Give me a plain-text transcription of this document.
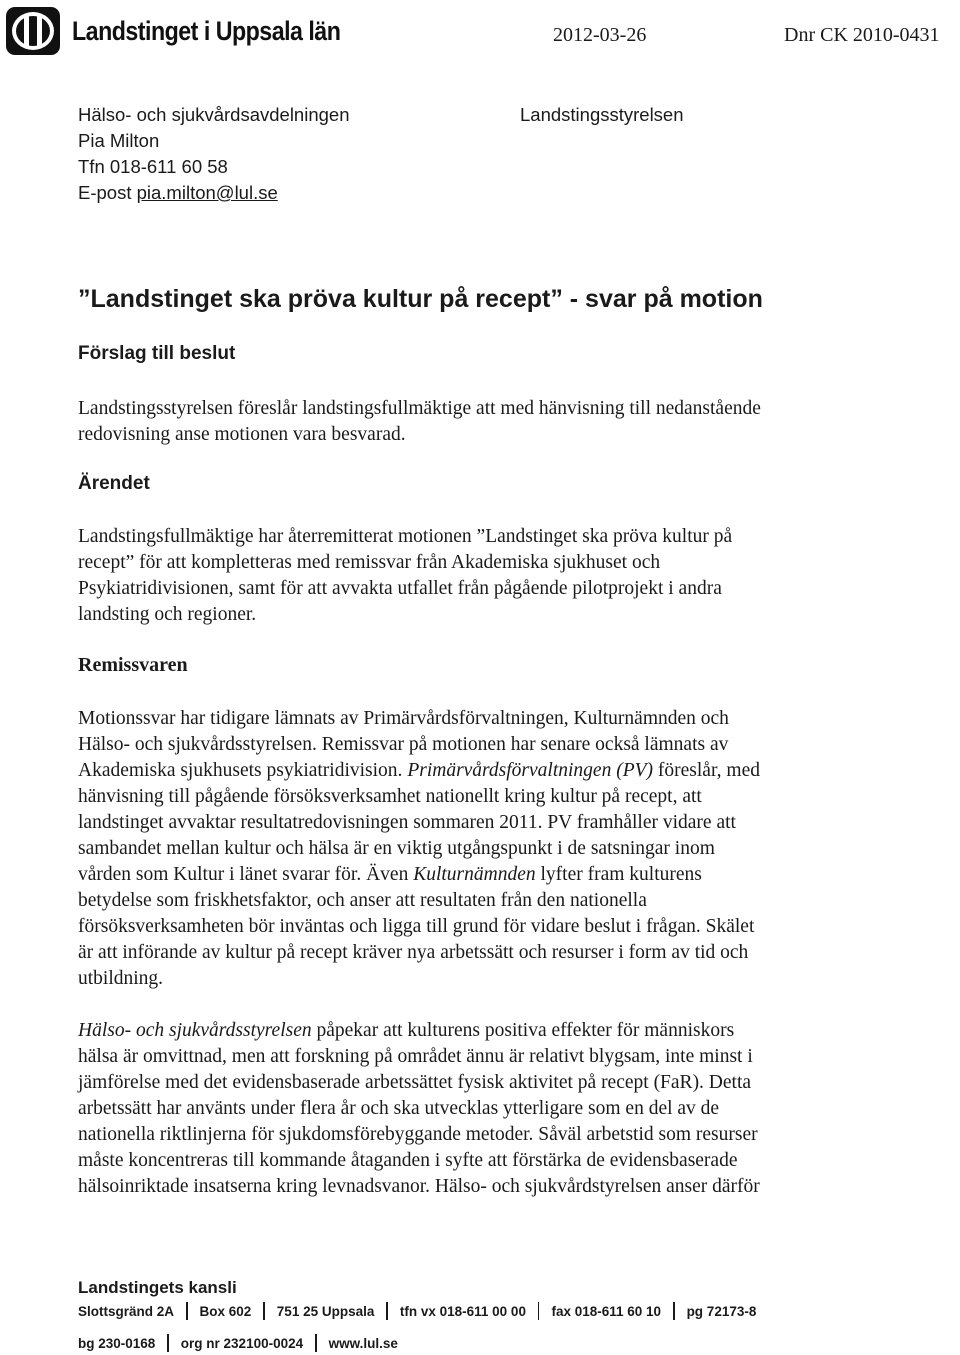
Landstinget i Uppsala län	2012-03-26	Dnr CK 2010-0431
Hälso- och sjukvårdsavdelningen
Pia Milton
Tfn 018-611 60 58
E-post pia.milton@lul.se
Landstingsstyrelsen
”Landstinget ska pröva kultur på recept” - svar på motion
Förslag till beslut
Landstingsstyrelsen föreslår landstingsfullmäktige att med hänvisning till nedanstående
redovisning anse motionen vara besvarad.
Ärendet
Landstingsfullmäktige har återremitterat motionen ”Landstinget ska pröva kultur på
recept” för att kompletteras med remissvar från Akademiska sjukhuset och
Psykiatridivisionen, samt för att avvakta utfallet från pågående pilotprojekt i andra
landsting och regioner.
Remissvaren
Motionssvar har tidigare lämnats av Primärvårdsförvaltningen, Kulturnämnden och
Hälso- och sjukvårdsstyrelsen. Remissvar på motionen har senare också lämnats av
Akademiska sjukhusets psykiatridivision. Primärvårdsförvaltningen (PV) föreslår, med
hänvisning till pågående försöksverksamhet nationellt kring kultur på recept, att
landstinget avvaktar resultatredovisningen sommaren 2011. PV framhåller vidare att
sambandet mellan kultur och hälsa är en viktig utgångspunkt i de satsningar inom
vården som Kultur i länet svarar för. Även Kulturnämnden lyfter fram kulturens
betydelse som friskhetsfaktor, och anser att resultaten från den nationella
försöksverksamheten bör inväntas och ligga till grund för vidare beslut i frågan. Skälet
är att införande av kultur på recept kräver nya arbetssätt och resurser i form av tid och
utbildning.
Hälso- och sjukvårdsstyrelsen påpekar att kulturens positiva effekter för människors
hälsa är omvittnad, men att forskning på området ännu är relativt blygsam, inte minst i
jämförelse med det evidensbaserade arbetssättet fysisk aktivitet på recept (FaR). Detta
arbetssätt har använts under flera år och ska utvecklas ytterligare som en del av de
nationella riktlinjerna för sjukdomsförebyggande metoder. Såväl arbetstid som resurser
måste koncentreras till kommande åtaganden i syfte att förstärka de evidensbaserade
hälsoinriktade insatserna kring levnadsvanor. Hälso- och sjukvårdstyrelsen anser därför
Landstingets kansli
Slottsgränd 2A Box 602 751 25 Uppsala tfn vx 018-611 00 00 fax 018-611 60 10 pg 72173-8
bg 230-0168 org nr 232100-0024 www.lul.se
